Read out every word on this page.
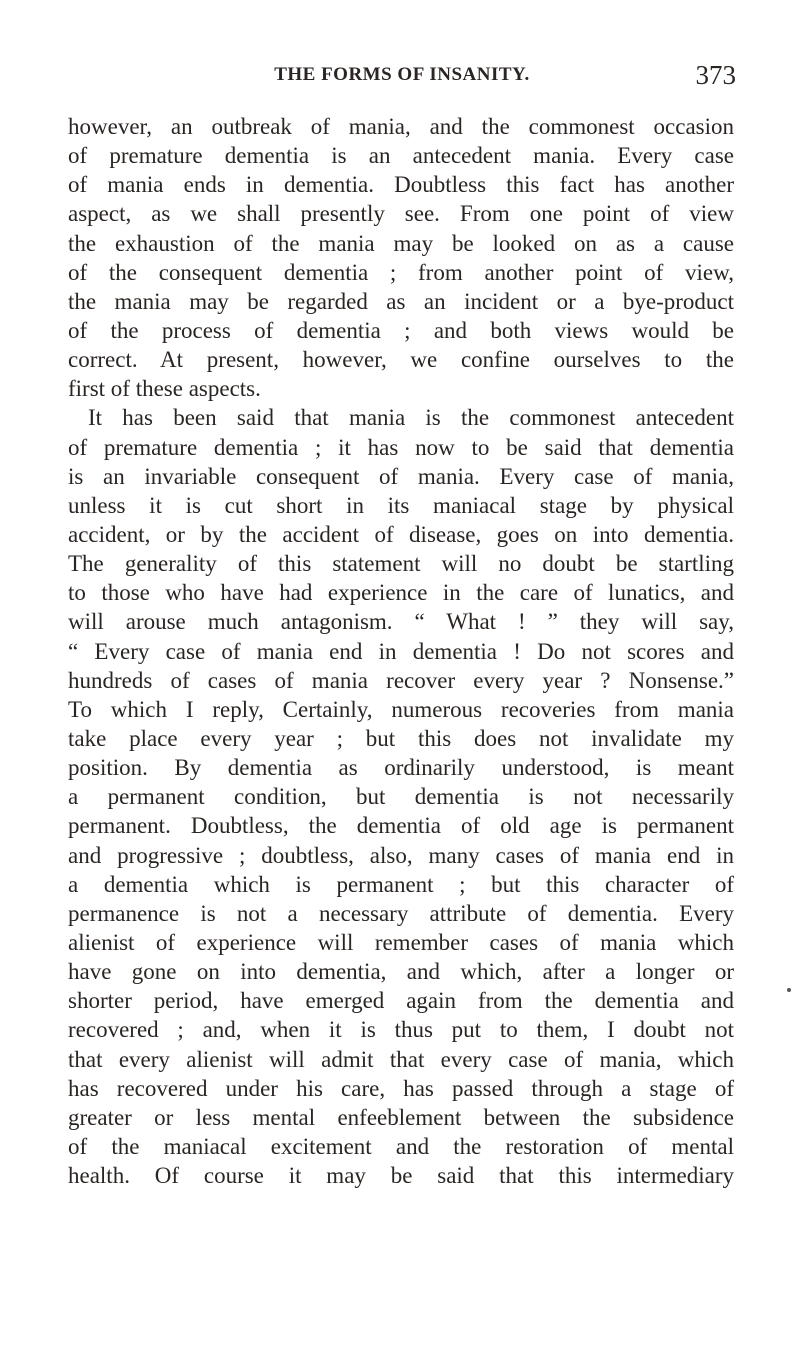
THE FORMS OF INSANITY.	373
however, an outbreak of mania, and the commonest occasion
of premature dementia is an antecedent mania. Every case
of mania ends in dementia. Doubtless this fact has another
aspect, as we shall presently see. From one point of view
the exhaustion of the mania may be looked on as a cause
of the consequent dementia ; from another point of view,
the mania may be regarded as an incident or a bye-product
of the process of dementia ; and both views would be
correct. At present, however, we confine ourselves to the
first of these aspects.
It has been said that mania is the commonest antecedent
of premature dementia ; it has now to be said that dementia
is an invariable consequent of mania. Every case of mania,
unless it is cut short in its maniacal stage by physical
accident, or by the accident of disease, goes on into dementia.
The generality of this statement will no doubt be startling
to those who have had experience in the care of lunatics, and
will arouse much antagonism. “ What ! ” they will say,
“ Every case of mania end in dementia ! Do not scores and
hundreds of cases of mania recover every year ? Nonsense.”
To which I reply, Certainly, numerous recoveries from mania
take place every year ; but this does not invalidate my
position. By dementia as ordinarily understood, is meant
a permanent condition, but dementia is not necessarily
permanent. Doubtless, the dementia of old age is permanent
and progressive ; doubtless, also, many cases of mania end in
a dementia which is permanent ; but this character of
permanence is not a necessary attribute of dementia. Every
alienist of experience will remember cases of mania which
have gone on into dementia, and which, after a longer or
shorter period, have emerged again from the dementia and
recovered ; and, when it is thus put to them, I doubt not
that every alienist will admit that every case of mania, which
has recovered under his care, has passed through a stage of
greater or less mental enfeeblement between the subsidence
of the maniacal excitement and the restoration of mental
health. Of course it may be said that this intermediary
